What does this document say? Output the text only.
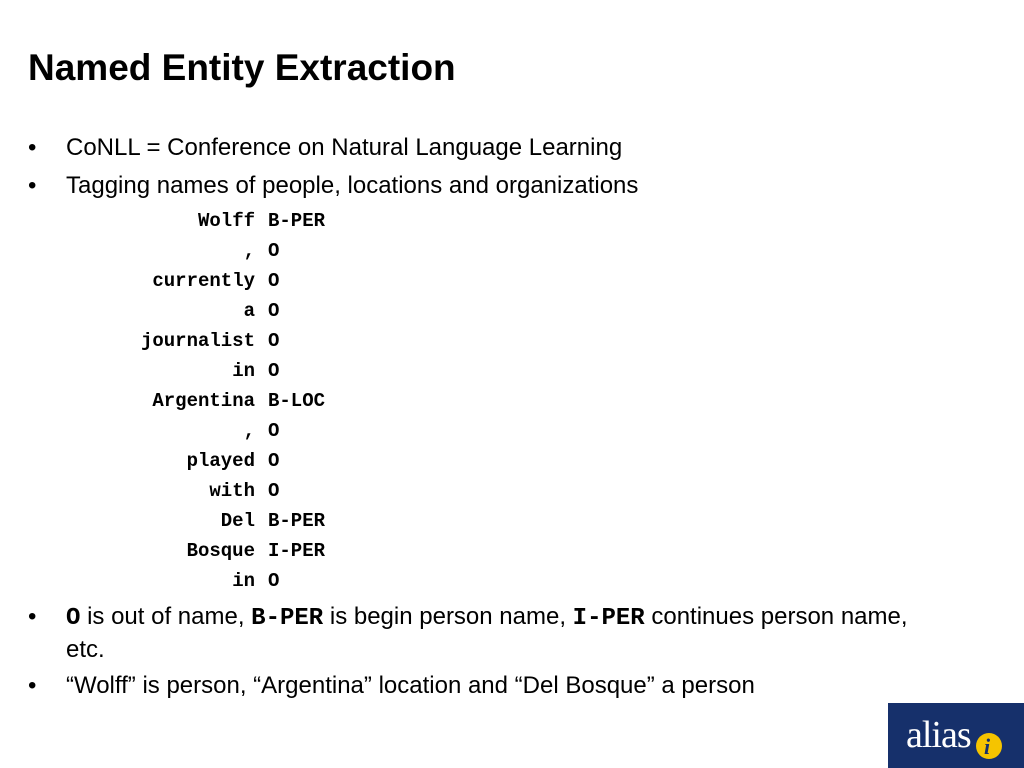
Named Entity Extraction
•	CoNLL = Conference on Natural Language Learning
•	Tagging names of people, locations and organizations
Wolff B-PER
, O
currently O
a O
journalist O
in O
Argentina B-LOC
, O
played O
with O
Del B-PER
Bosque I-PER
in O
•	O is out of name, B-PER is begin person name, I-PER continues person name, etc.
•	“Wolff” is person, “Argentina” location and “Del Bosque” a person
alias i
